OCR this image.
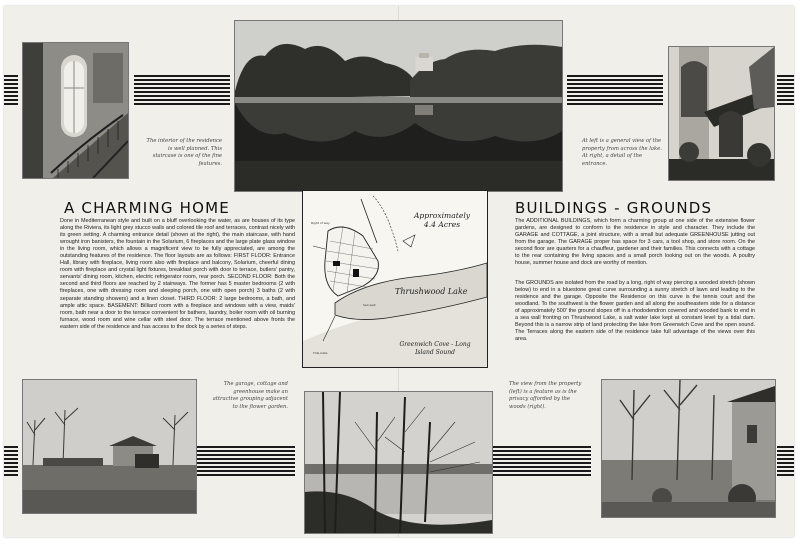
The interior of the residence is well planned. This staircase is one of the fine features.
At left is a general view of the property from across the lake. At right, a detail of the entrance.
A CHARMING HOME	BUILDINGS - GROUNDS

Done in Mediterranean style and built on a bluff overlooking the water, as are houses of its type along the Riviera, its light grey stucco walls and colored tile roof and terraces, contrast nicely with its green setting. A charming entrance detail (shown at the right), the main staircase, with hand wrought iron banisters, the fountain in the Solarium, 6 fireplaces and the large plate glass window in the living room, which allows a magnificent view to be fully appreciated, are among the outstanding features of the residence. The floor layouts are as follows: FIRST FLOOR: Entrance Hall, library with fireplace, living room also with fireplace and balcony, Solarium, cheerful dining room with fireplace and crystal light fixtures, breakfast porch with door to terrace, butlers' pantry, servants' dining room, kitchen, electric refrigerator room, rear porch. SECOND FLOOR: Both the second and third floors are reached by 2 stairways. The former has 5 master bedrooms (2 with fireplaces, one with dressing room and sleeping porch, one with open porch) 3 baths (2 with separate standing showers) and a linen closet. THIRD FLOOR: 2 large bedrooms, a bath, and ample attic space. BASEMENT: Billiard room with a fireplace and windows with a view, maids' room, bath near a door to the terrace convenient for bathers, laundry, boiler room with oil burning furnace, wood room and wine cellar with steel door. The terrace mentioned above fronts the eastern side of the residence and has access to the dock by a series of steps.

The ADDITIONAL BUILDINGS, which form a charming group at one side of the extensive flower gardens, are designed to conform to the residence in style and character. They include the GARAGE and COTTAGE, a joint structure, with a small but adequate GREENHOUSE jutting out from the garage. The GARAGE proper has space for 3 cars, a tool shop, and store room. On the second floor are quarters for a chauffeur, gardener and their families. This connects with a cottage to the rear containing the living spaces and a small porch looking out on the woods. A poultry house, summer house and dock are worthy of mention.

The GROUNDS are isolated from the road by a long, right of way piercing a wooded stretch (shown below) to end in a bluestone great curve surrounding a sunny stretch of lawn and leading to the residence and the garage. Opposite the Residence on this curve is the tennis court and the woodland. To the southwest is the flower garden and all along the southeastern side for a distance of approximately 500' the ground slopes off in a rhododendron covered and wooded bank to end in a sea wall fronting on Thrushwood Lake, a salt water lake kept at constant level by a tidal dam. Beyond this is a narrow strip of land protecting the lake from Greenwich Cove and the open sound. The Terraces along the eastern side of the residence take full advantage of the views over this area.

Approximately 4.4 Acres
Thrushwood Lake
Greenwich Cove - Long Island Sound
Right of way
Tide Gate
Sea wall
The garage, cottage and greenhouse make an attractive grouping adjacent to the flower garden.
The view from the property (left) is a feature as is the privacy afforded by the woods (right).
